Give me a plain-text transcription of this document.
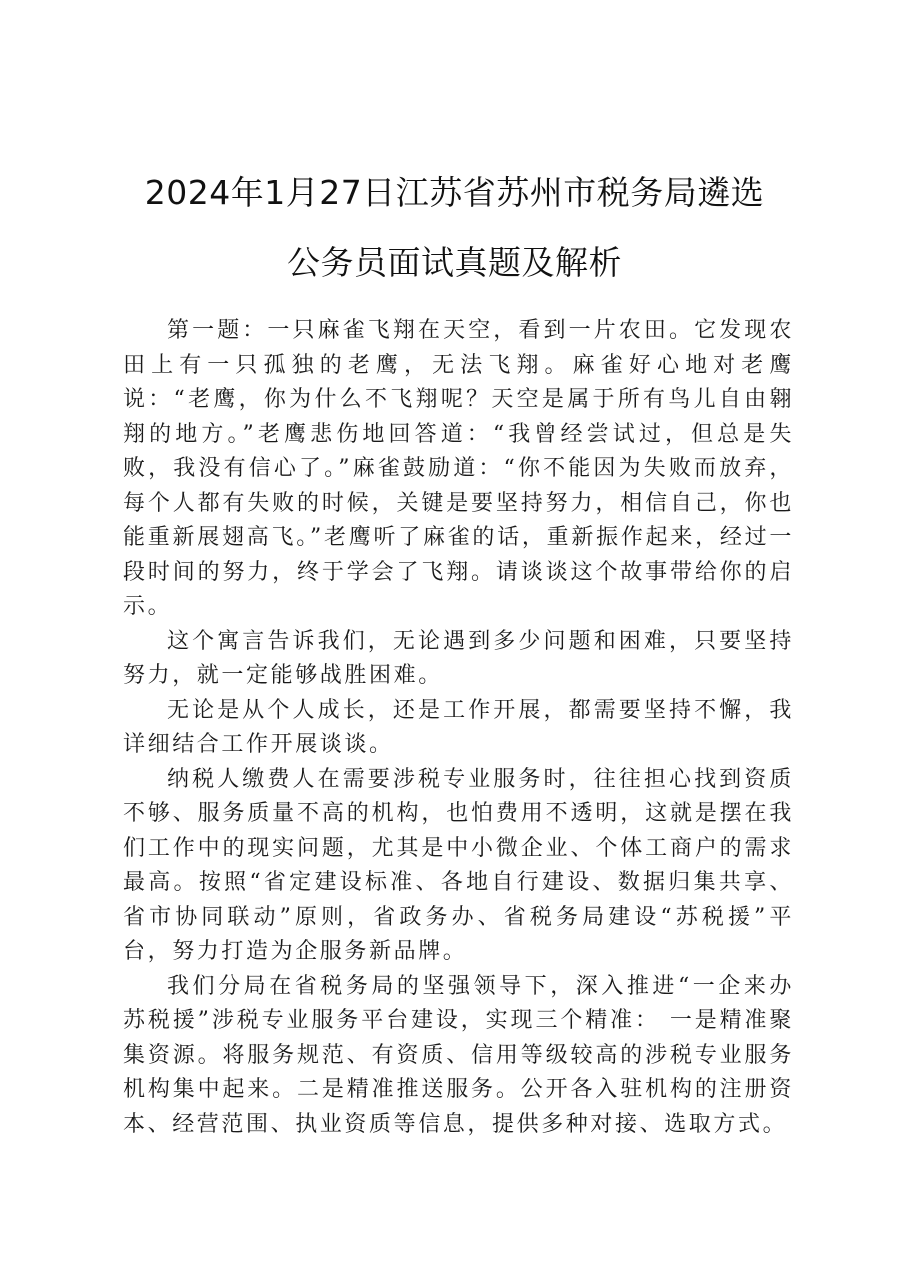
2024年1月27日江苏省苏州市税务局遴选
公务员面试真题及解析

第一题：一只麻雀飞翔在天空，看到一片农田。它发现农田上有一只孤独的老鹰，无法飞翔。麻雀好心地对老鹰说：“老鹰，你为什么不飞翔呢？天空是属于所有鸟儿自由翱翔的地方。”老鹰悲伤地回答道：“我曾经尝试过，但总是失败，我没有信心了。”麻雀鼓励道：“你不能因为失败而放弃，每个人都有失败的时候，关键是要坚持努力，相信自己，你也能重新展翅高飞。”老鹰听了麻雀的话，重新振作起来，经过一段时间的努力，终于学会了飞翔。请谈谈这个故事带给你的启示。

这个寓言告诉我们，无论遇到多少问题和困难，只要坚持努力，就一定能够战胜困难。

无论是从个人成长，还是工作开展，都需要坚持不懈，我详细结合工作开展谈谈。

纳税人缴费人在需要涉税专业服务时，往往担心找到资质不够、服务质量不高的机构，也怕费用不透明，这就是摆在我们工作中的现实问题，尤其是中小微企业、个体工商户的需求最高。按照“省定建设标准、各地自行建设、数据归集共享、省市协同联动”原则，省政务办、省税务局建设“苏税援”平台，努力打造为企服务新品牌。

我们分局在省税务局的坚强领导下，深入推进“一企来办苏税援”涉税专业服务平台建设，实现三个精准： 一是精准聚集资源。将服务规范、有资质、信用等级较高的涉税专业服务机构集中起来。二是精准推送服务。公开各入驻机构的注册资本、经营范围、执业资质等信息，提供多种对接、选取方式。
